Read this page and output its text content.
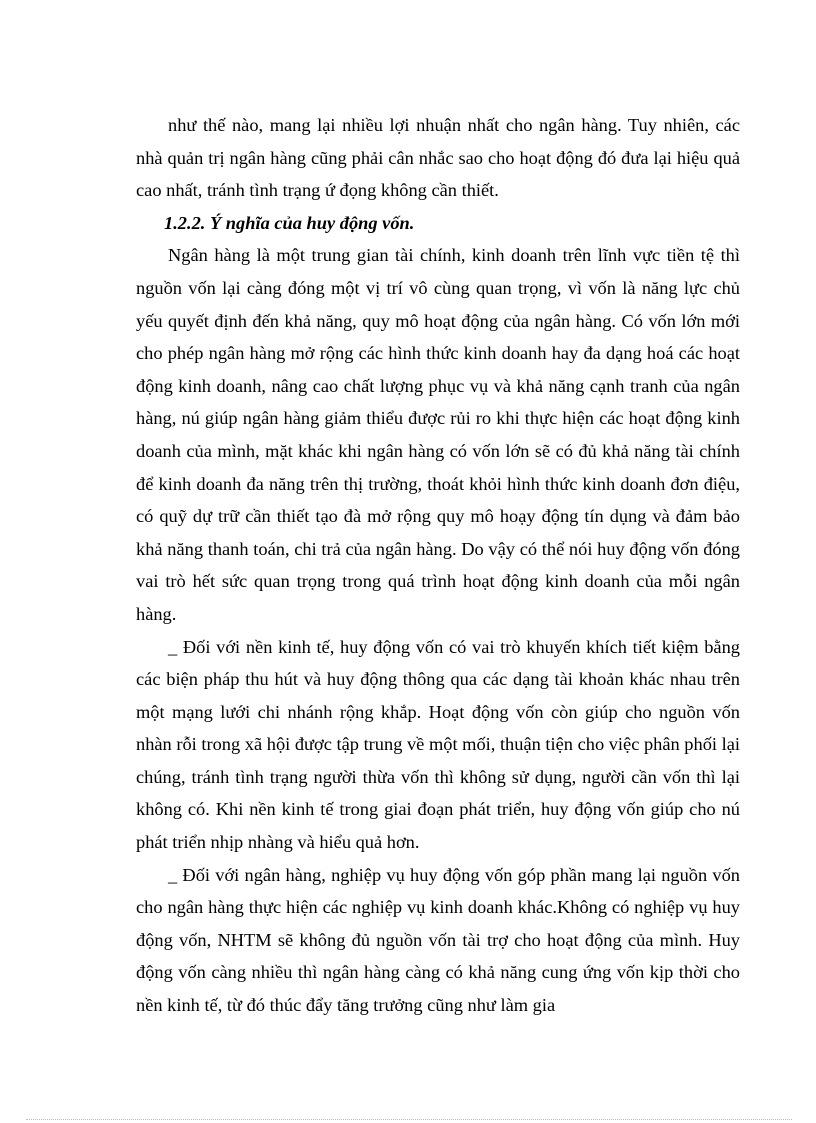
như thế nào, mang lại nhiều lợi nhuận nhất cho ngân hàng. Tuy nhiên, các nhà quản trị ngân hàng cũng phải cân nhắc sao cho hoạt động đó đưa lại hiệu quả cao nhất, tránh tình trạng ứ đọng không cần thiết.

1.2.2. Ý nghĩa của huy động vốn.

Ngân hàng là một trung gian tài chính, kinh doanh trên lĩnh vực tiền tệ thì nguồn vốn lại càng đóng một vị trí vô cùng quan trọng, vì vốn là năng lực chủ yếu quyết định đến khả năng, quy mô hoạt động của ngân hàng. Có vốn lớn mới cho phép ngân hàng mở rộng các hình thức kinh doanh hay đa dạng hoá các hoạt động kinh doanh, nâng cao chất lượng phục vụ và khả năng cạnh tranh của ngân hàng, nú giúp ngân hàng giảm thiểu được rủi ro khi thực hiện các hoạt động kinh doanh của mình, mặt khác khi ngân hàng có vốn lớn sẽ có đủ khả năng tài chính để kinh doanh đa năng trên thị trường, thoát khỏi hình thức kinh doanh đơn điệu, có quỹ dự trữ cần thiết tạo đà mở rộng quy mô hoạy động tín dụng và đảm bảo khả năng thanh toán, chi trả của ngân hàng. Do vậy có thể nói huy động vốn đóng vai trò hết sức quan trọng trong quá trình hoạt động kinh doanh của mỗi ngân hàng.

_ Đối với nền kinh tế, huy động vốn có vai trò khuyến khích tiết kiệm bằng các biện pháp thu hút và huy động thông qua các dạng tài khoản khác nhau trên một mạng lưới chi nhánh rộng khắp. Hoạt động vốn còn giúp cho nguồn vốn nhàn rỗi trong xã hội được tập trung về một mối, thuận tiện cho việc phân phối lại chúng, tránh tình trạng người thừa vốn thì không sử dụng, người cần vốn thì lại không có. Khi nền kinh tế trong giai đoạn phát triển, huy động vốn giúp cho nú phát triển nhịp nhàng và hiểu quả hơn.

_ Đối với ngân hàng, nghiệp vụ huy động vốn góp phần mang lại nguồn vốn cho ngân hàng thực hiện các nghiệp vụ kinh doanh khác.Không có nghiệp vụ huy động vốn, NHTM sẽ không đủ nguồn vốn tài trợ cho hoạt động của mình. Huy động vốn càng nhiều thì ngân hàng càng có khả năng cung ứng vốn kịp thời cho nền kinh tế, từ đó thúc đẩy tăng trưởng cũng như làm gia
